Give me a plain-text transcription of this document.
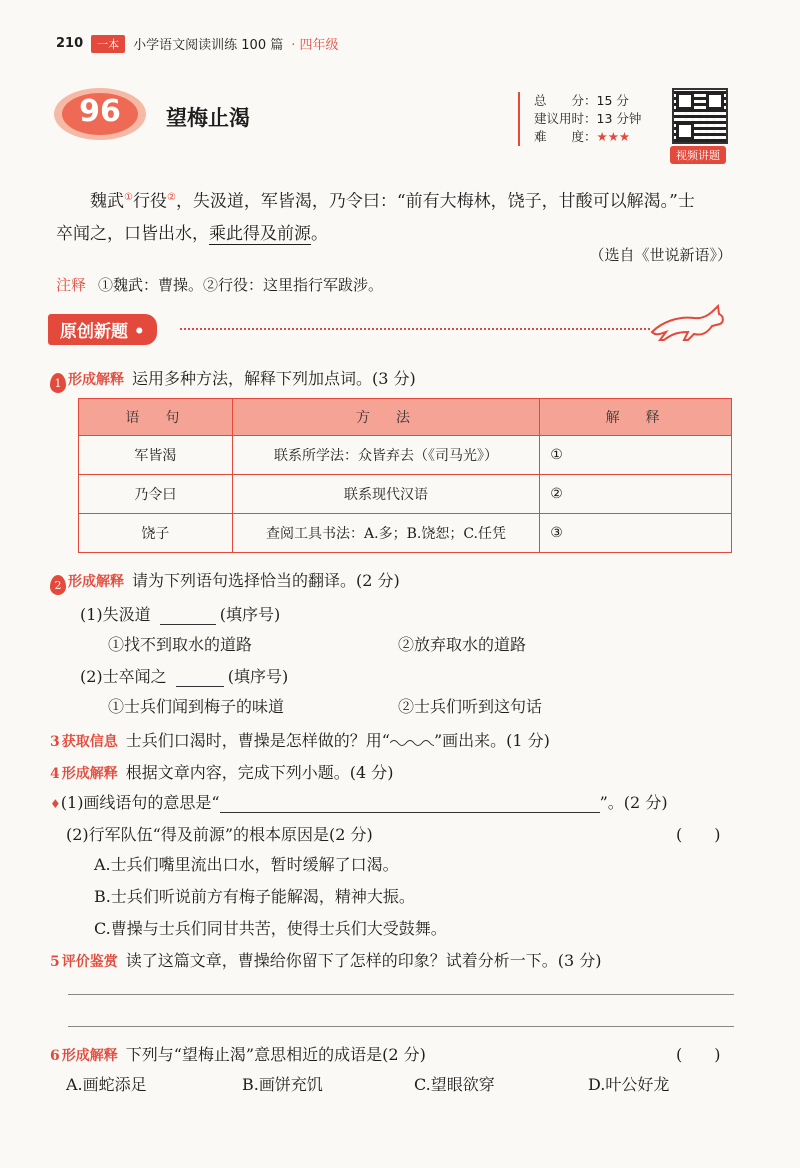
210	一本	小学语文阅读训练 100 篇 · 四年级
96	望梅止渴
总　　分：15 分
建议用时：13 分钟
难　　度：★★★
视频讲题
魏武①行役②，失汲道，军皆渴，乃令曰：“前有大梅林，饶子，甘酸可以解渴。”士
卒闻之，口皆出水，乘此得及前源。
（选自《世说新语》）
注释 ①魏武：曹操。②行役：这里指行军跋涉。
原创新题 •
1 形成解释 运用多种方法，解释下列加点词。(3 分)
语　句	方　法	解　释
军皆渴	联系所学法：众皆弃去（《司马光》）	①
乃令曰	联系现代汉语	②
饶子	查阅工具书法：A.多；B.饶恕；C.任凭	③
2 形成解释 请为下列语句选择恰当的翻译。(2 分)
(1)失汲道	(填序号)
①找不到取水的道路	②放弃取水的道路
(2)士卒闻之	(填序号)
①士兵们闻到梅子的味道	②士兵们听到这句话
3 获取信息 士兵们口渴时，曹操是怎样做的？用“	”画出来。(1 分)
4 形成解释 根据文章内容，完成下列小题。(4 分)
♦(1)画线语句的意思是“	”。(2 分)
(2)行军队伍“得及前源”的根本原因是(2 分)	(　　)
A.士兵们嘴里流出口水，暂时缓解了口渴。
B.士兵们听说前方有梅子能解渴，精神大振。
C.曹操与士兵们同甘共苦，使得士兵们大受鼓舞。
5 评价鉴赏 读了这篇文章，曹操给你留下了怎样的印象？试着分析一下。(3 分)
6 形成解释 下列与“望梅止渴”意思相近的成语是(2 分)	(　　)
A.画蛇添足	B.画饼充饥	C.望眼欲穿	D.叶公好龙
